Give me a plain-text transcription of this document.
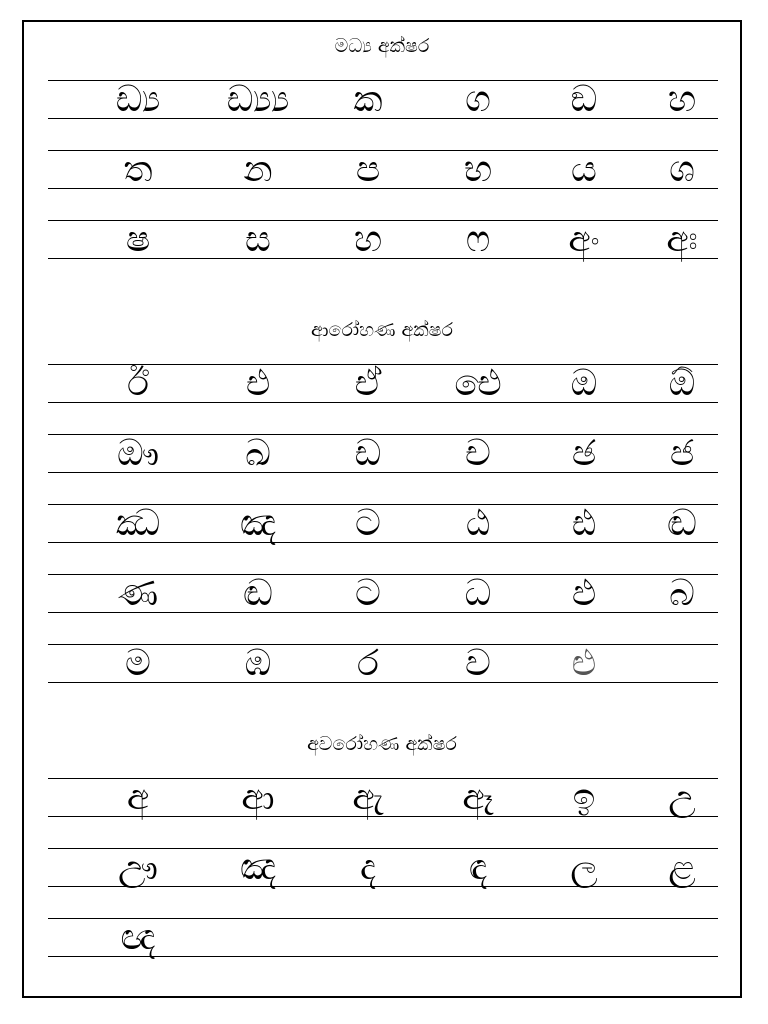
මධ්‍ය අක්ෂර
ඩ්‍ය	ඩ්‍ය්‍ය	ක	ග	ඞ	හ
ත	න	ප	භ	ය	ශ
ෂ	ස	හ	ෆ	අං	අඃ
ආරෝහණ අක්ෂර
ඊ	එ	ඒ	ඓ	ඔ	ඕ
ඖ	ඛ	ඩ	ච	ඡ	ජ
ඣ	ඤ	ට	ඨ	ඪ	ඬ
ණ	ඬ	ට	ධ	ඵ	බ
ම	ඹ	ර	ව	ළු
අවරෝහණ අක්ෂර
අ	ආ	ඇ	ඈ	ඉ	උ
ඌ	ඤ	ද	ඳ	ල	ළ
ඥ
